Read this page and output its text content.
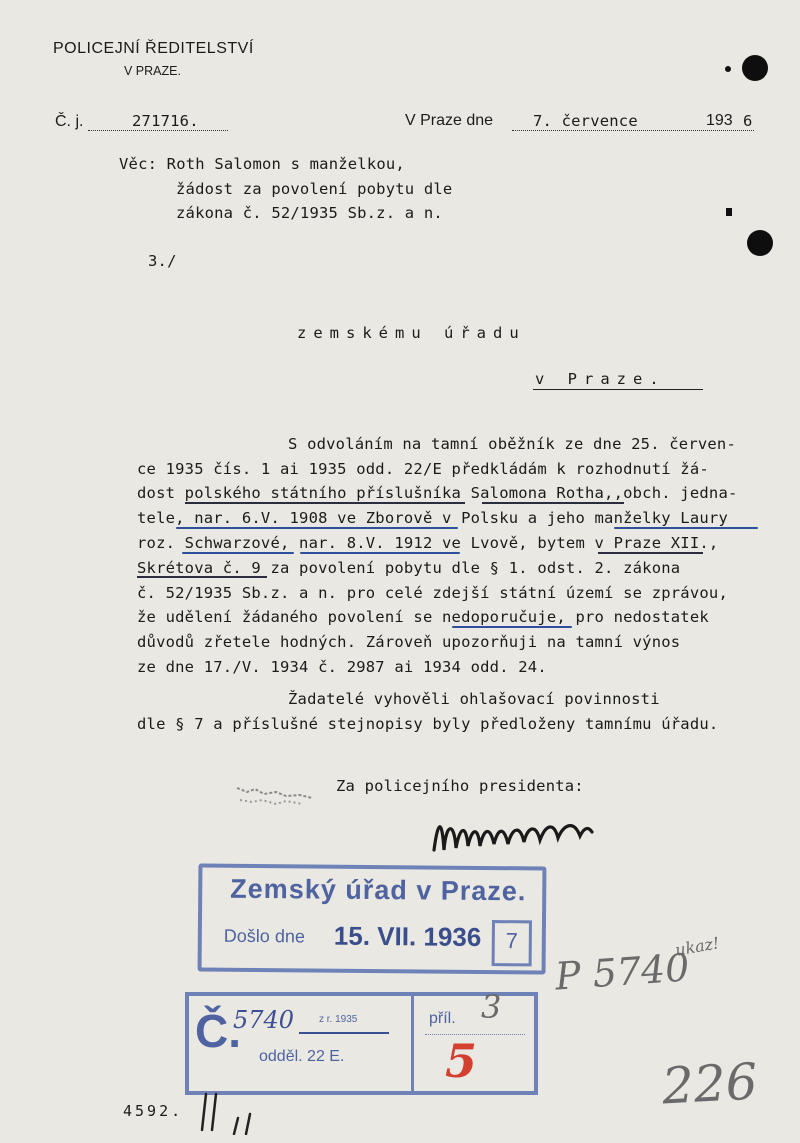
POLICEJNÍ ŘEDITELSTVÍ
V PRAZE.
Č. j.	271716.	V Praze dne	7. července	193 6
Věc: Roth Salomon s manželkou,
žádost za povolení pobytu dle
zákona č. 52/1935 Sb.z. a n.
3./
zemskému úřadu
v Praze.
S odvoláním na tamní oběžník ze dne 25. červen-
ce 1935 čís. 1 ai 1935 odd. 22/E předkládám k rozhodnutí žá-
dost polského státního příslušníka Salomona Rotha,,obch. jedna-
tele, nar. 6.V. 1908 ve Zborově v Polsku a jeho manželky Laury
roz. Schwarzové, nar. 8.V. 1912 ve Lvově, bytem v Praze XII.,
Skrétova č. 9 za povolení pobytu dle § 1. odst. 2. zákona
č. 52/1935 Sb.z. a n. pro celé zdejší státní území se zprávou,
že udělení žádaného povolení se nedoporučuje, pro nedostatek
důvodů zřetele hodných. Zároveň upozorňuji na tamní výnos
ze dne 17./V. 1934 č. 2987 ai 1934 odd. 24.
Žadatelé vyhověli ohlašovací povinnosti
dle § 7 a příslušné stejnopisy byly předloženy tamnímu úřadu.
Za policejního presidenta:
Zemský úřad v Praze.
Došlo dne 15. VII. 1936	7
Č.
5740 z r. 1935
odděl. 22 E.
příl. 3
5
P 5740
ukaz!
226
4592.
